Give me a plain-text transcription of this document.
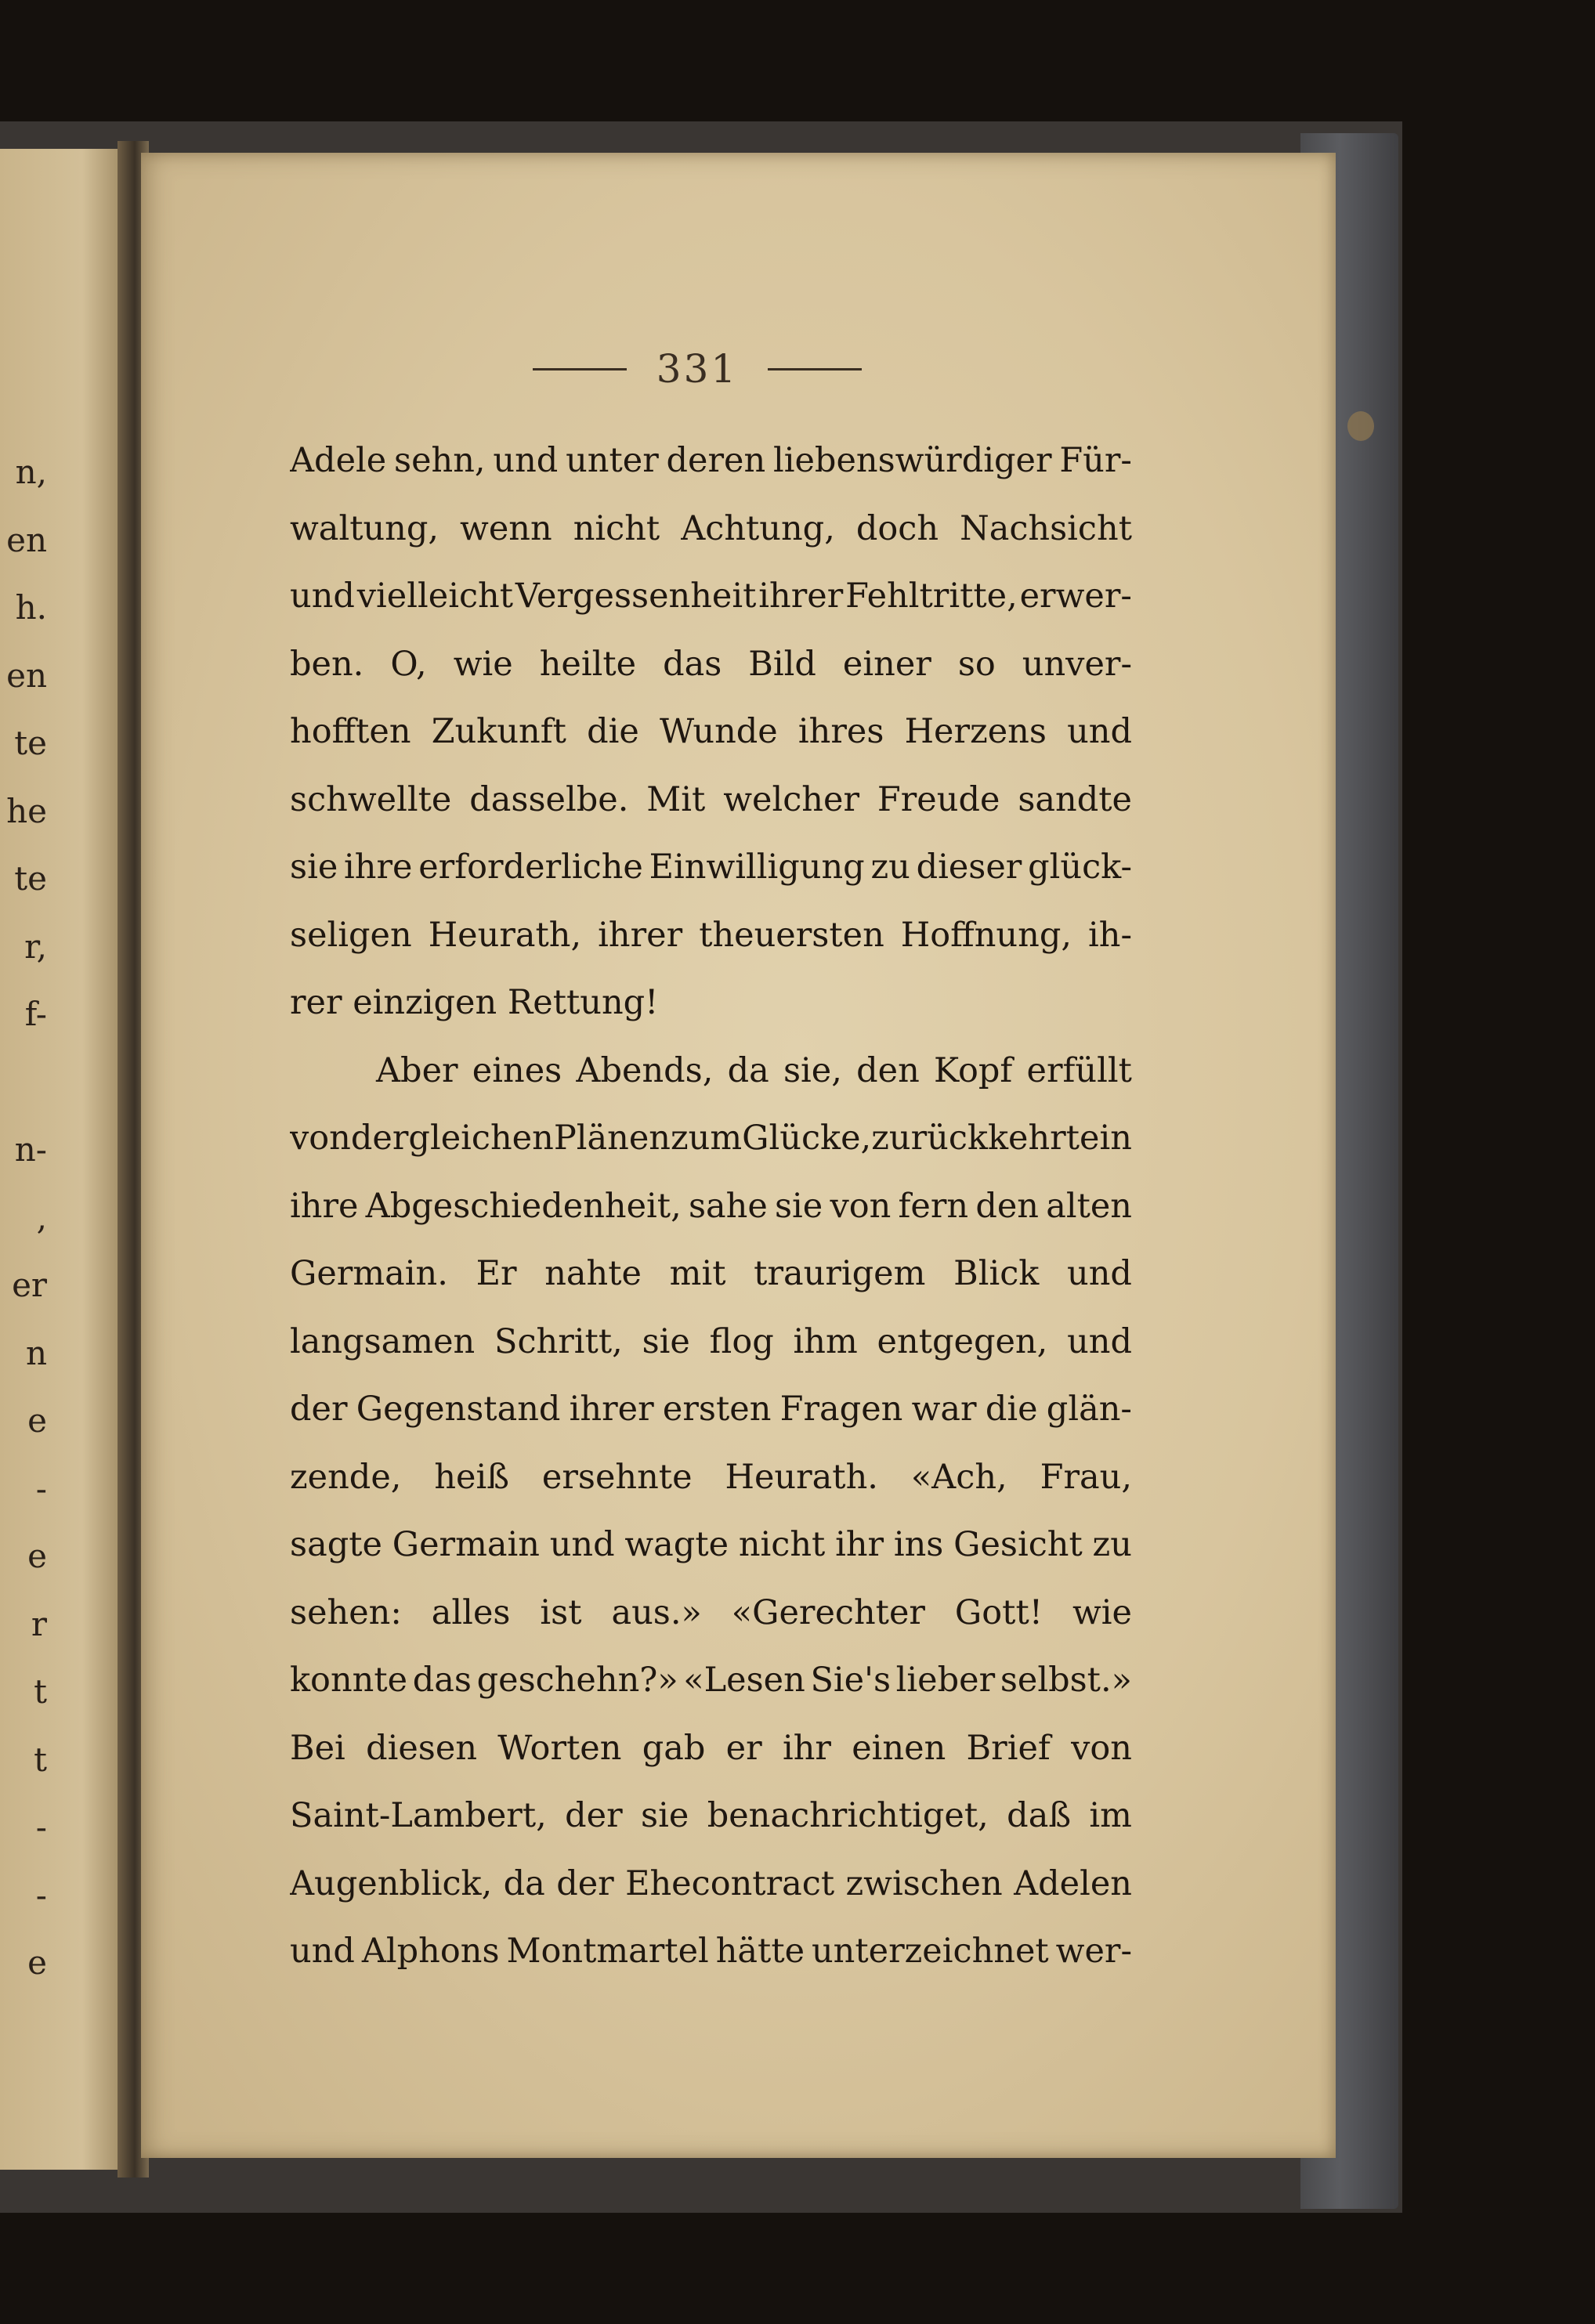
n,
en
h.
en
te
he
te
r,
f-
n-
,
er
n
e
-
e
r
t
t
-
-
e
331
Adele sehn, und unter deren liebenswürdiger Für-
waltung, wenn nicht Achtung, doch Nachsicht
und vielleicht Vergessenheit ihrer Fehltritte, erwer-
ben. O, wie heilte das Bild einer so unver-
hofften Zukunft die Wunde ihres Herzens und
schwellte dasselbe. Mit welcher Freude sandte
sie ihre erforderliche Einwilligung zu dieser glück-
seligen Heurath, ihrer theuersten Hoffnung, ih-
rer einzigen Rettung!
Aber eines Abends, da sie, den Kopf erfüllt
von dergleichen Plänen zum Glücke, zurückkehrte in
ihre Abgeschiedenheit, sahe sie von fern den alten
Germain. Er nahte mit traurigem Blick und
langsamen Schritt, sie flog ihm entgegen, und
der Gegenstand ihrer ersten Fragen war die glän-
zende, heiß ersehnte Heurath. «Ach, Frau,
sagte Germain und wagte nicht ihr ins Gesicht zu
sehen: alles ist aus.» «Gerechter Gott! wie
konnte das geschehn?» «Lesen Sie's lieber selbst.»
Bei diesen Worten gab er ihr einen Brief von
Saint-Lambert, der sie benachrichtiget, daß im
Augenblick, da der Ehecontract zwischen Adelen
und Alphons Montmartel hätte unterzeichnet wer-
